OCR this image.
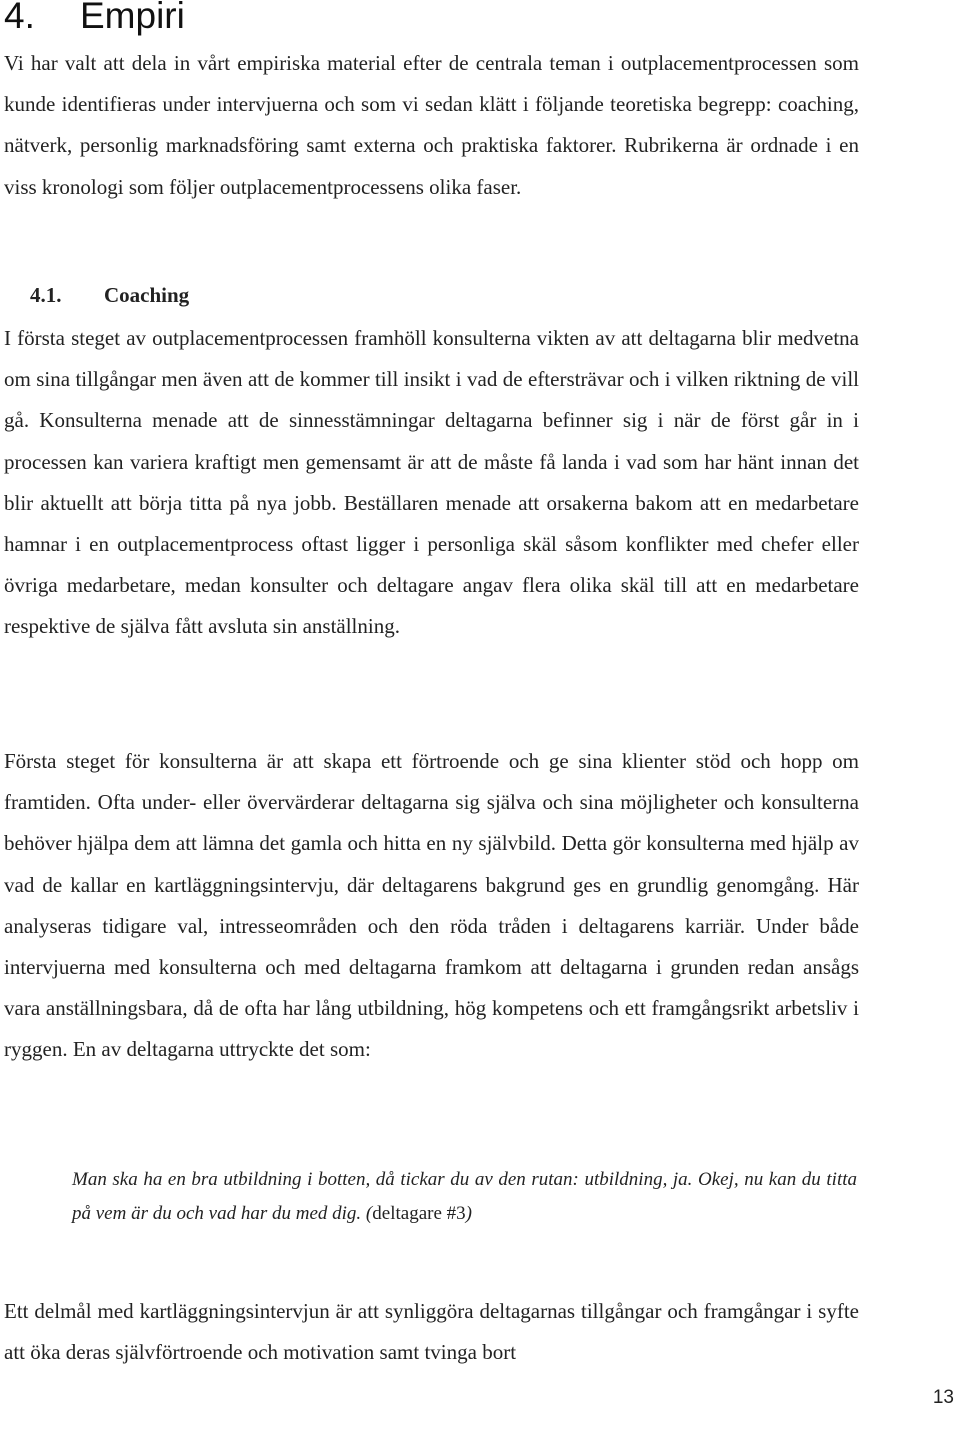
4. Empiri

Vi har valt att dela in vårt empiriska material efter de centrala teman i outplacementprocessen som kunde identifieras under intervjuerna och som vi sedan klätt i följande teoretiska begrepp: coaching, nätverk, personlig marknadsföring samt externa och praktiska faktorer. Rubrikerna är ordnade i en viss kronologi som följer outplacementprocessens olika faser.

4.1. Coaching

I första steget av outplacementprocessen framhöll konsulterna vikten av att deltagarna blir medvetna om sina tillgångar men även att de kommer till insikt i vad de eftersträvar och i vilken riktning de vill gå. Konsulterna menade att de sinnesstämningar deltagarna befinner sig i när de först går in i processen kan variera kraftigt men gemensamt är att de måste få landa i vad som har hänt innan det blir aktuellt att börja titta på nya jobb. Beställaren menade att orsakerna bakom att en medarbetare hamnar i en outplacementprocess oftast ligger i personliga skäl såsom konflikter med chefer eller övriga medarbetare, medan konsulter och deltagare angav flera olika skäl till att en medarbetare respektive de själva fått avsluta sin anställning.

Första steget för konsulterna är att skapa ett förtroende och ge sina klienter stöd och hopp om framtiden. Ofta under- eller övervärderar deltagarna sig själva och sina möjligheter och konsulterna behöver hjälpa dem att lämna det gamla och hitta en ny självbild. Detta gör konsulterna med hjälp av vad de kallar en kartläggningsintervju, där deltagarens bakgrund ges en grundlig genomgång. Här analyseras tidigare val, intresseområden och den röda tråden i deltagarens karriär. Under både intervjuerna med konsulterna och med deltagarna framkom att deltagarna i grunden redan ansågs vara anställningsbara, då de ofta har lång utbildning, hög kompetens och ett framgångsrikt arbetsliv i ryggen. En av deltagarna uttryckte det som:

Man ska ha en bra utbildning i botten, då tickar du av den rutan: utbildning, ja. Okej, nu kan du titta på vem är du och vad har du med dig. (deltagare #3)

Ett delmål med kartläggningsintervjun är att synliggöra deltagarnas tillgångar och framgångar i syfte att öka deras självförtroende och motivation samt tvinga bort

13
